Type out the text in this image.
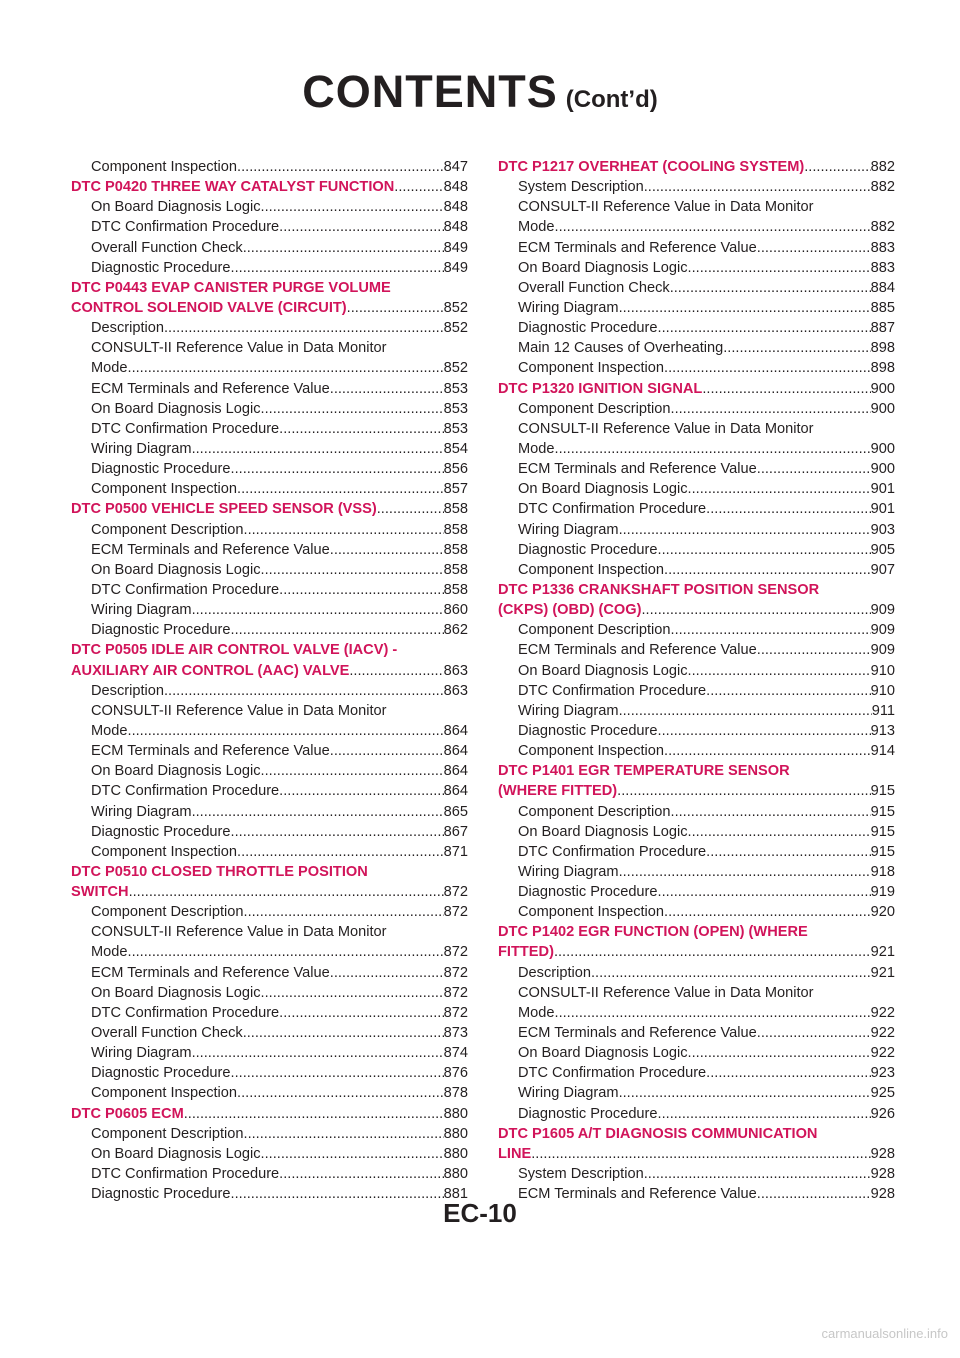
CONTENTS (Cont’d)
Component Inspection .....	847
DTC P0420 THREE WAY CATALYST FUNCTION .....	848
On Board Diagnosis Logic .....	848
DTC Confirmation Procedure .....	848
Overall Function Check .....	849
Diagnostic Procedure .....	849
DTC P0443 EVAP CANISTER PURGE VOLUME
CONTROL SOLENOID VALVE (CIRCUIT) .....	852
Description .....	852
CONSULT-II Reference Value in Data Monitor
Mode .....	852
ECM Terminals and Reference Value .....	853
On Board Diagnosis Logic .....	853
DTC Confirmation Procedure .....	853
Wiring Diagram .....	854
Diagnostic Procedure .....	856
Component Inspection .....	857
DTC P0500 VEHICLE SPEED SENSOR (VSS) .....	858
Component Description .....	858
ECM Terminals and Reference Value .....	858
On Board Diagnosis Logic .....	858
DTC Confirmation Procedure .....	858
Wiring Diagram .....	860
Diagnostic Procedure .....	862
DTC P0505 IDLE AIR CONTROL VALVE (IACV) -
AUXILIARY AIR CONTROL (AAC) VALVE .....	863
Description .....	863
CONSULT-II Reference Value in Data Monitor
Mode .....	864
ECM Terminals and Reference Value .....	864
On Board Diagnosis Logic .....	864
DTC Confirmation Procedure .....	864
Wiring Diagram .....	865
Diagnostic Procedure .....	867
Component Inspection .....	871
DTC P0510 CLOSED THROTTLE POSITION
SWITCH .....	872
Component Description .....	872
CONSULT-II Reference Value in Data Monitor
Mode .....	872
ECM Terminals and Reference Value .....	872
On Board Diagnosis Logic .....	872
DTC Confirmation Procedure .....	872
Overall Function Check .....	873
Wiring Diagram .....	874
Diagnostic Procedure .....	876
Component Inspection .....	878
DTC P0605 ECM .....	880
Component Description .....	880
On Board Diagnosis Logic .....	880
DTC Confirmation Procedure .....	880
Diagnostic Procedure .....	881
DTC P1217 OVERHEAT (COOLING SYSTEM) .....	882
System Description .....	882
CONSULT-II Reference Value in Data Monitor
Mode .....	882
ECM Terminals and Reference Value .....	883
On Board Diagnosis Logic .....	883
Overall Function Check .....	884
Wiring Diagram .....	885
Diagnostic Procedure .....	887
Main 12 Causes of Overheating .....	898
Component Inspection .....	898
DTC P1320 IGNITION SIGNAL .....	900
Component Description .....	900
CONSULT-II Reference Value in Data Monitor
Mode .....	900
ECM Terminals and Reference Value .....	900
On Board Diagnosis Logic .....	901
DTC Confirmation Procedure .....	901
Wiring Diagram .....	903
Diagnostic Procedure .....	905
Component Inspection .....	907
DTC P1336 CRANKSHAFT POSITION SENSOR
(CKPS) (OBD) (COG) .....	909
Component Description .....	909
ECM Terminals and Reference Value .....	909
On Board Diagnosis Logic .....	910
DTC Confirmation Procedure .....	910
Wiring Diagram .....	911
Diagnostic Procedure .....	913
Component Inspection .....	914
DTC P1401 EGR TEMPERATURE SENSOR
(WHERE FITTED) .....	915
Component Description .....	915
On Board Diagnosis Logic .....	915
DTC Confirmation Procedure .....	915
Wiring Diagram .....	918
Diagnostic Procedure .....	919
Component Inspection .....	920
DTC P1402 EGR FUNCTION (OPEN) (WHERE
FITTED) .....	921
Description .....	921
CONSULT-II Reference Value in Data Monitor
Mode .....	922
ECM Terminals and Reference Value .....	922
On Board Diagnosis Logic .....	922
DTC Confirmation Procedure .....	923
Wiring Diagram .....	925
Diagnostic Procedure .....	926
DTC P1605 A/T DIAGNOSIS COMMUNICATION
LINE .....	928
System Description .....	928
ECM Terminals and Reference Value .....	928
EC-10
carmanualsonline.info
